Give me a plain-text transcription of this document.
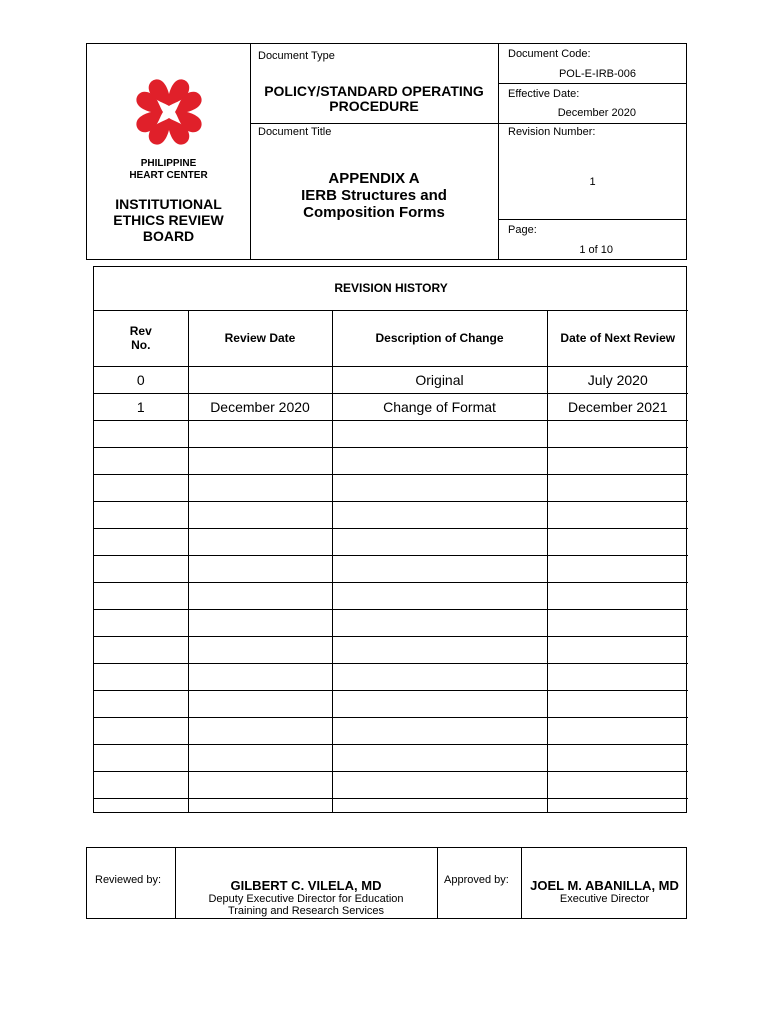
PHILIPPINE
HEART CENTER
INSTITUTIONAL
ETHICS REVIEW
BOARD
Document Type
POLICY/STANDARD OPERATING
PROCEDURE
Document Title
APPENDIX A
IERB Structures and
Composition Forms
Document Code:
POL-E-IRB-006
Effective Date:
December 2020
Revision Number:
1
Page:
1 of 10
REVISION HISTORY			

Rev
No.	Review Date	Description of Change	Date of Next Review
0		Original	July 2020
1	December 2020	Change of Format	December 2021

Reviewed by:	GILBERT C. VILELA, MD
Deputy Executive Director for Education
Training and Research Services
Approved by:	JOEL M. ABANILLA, MD
Executive Director
